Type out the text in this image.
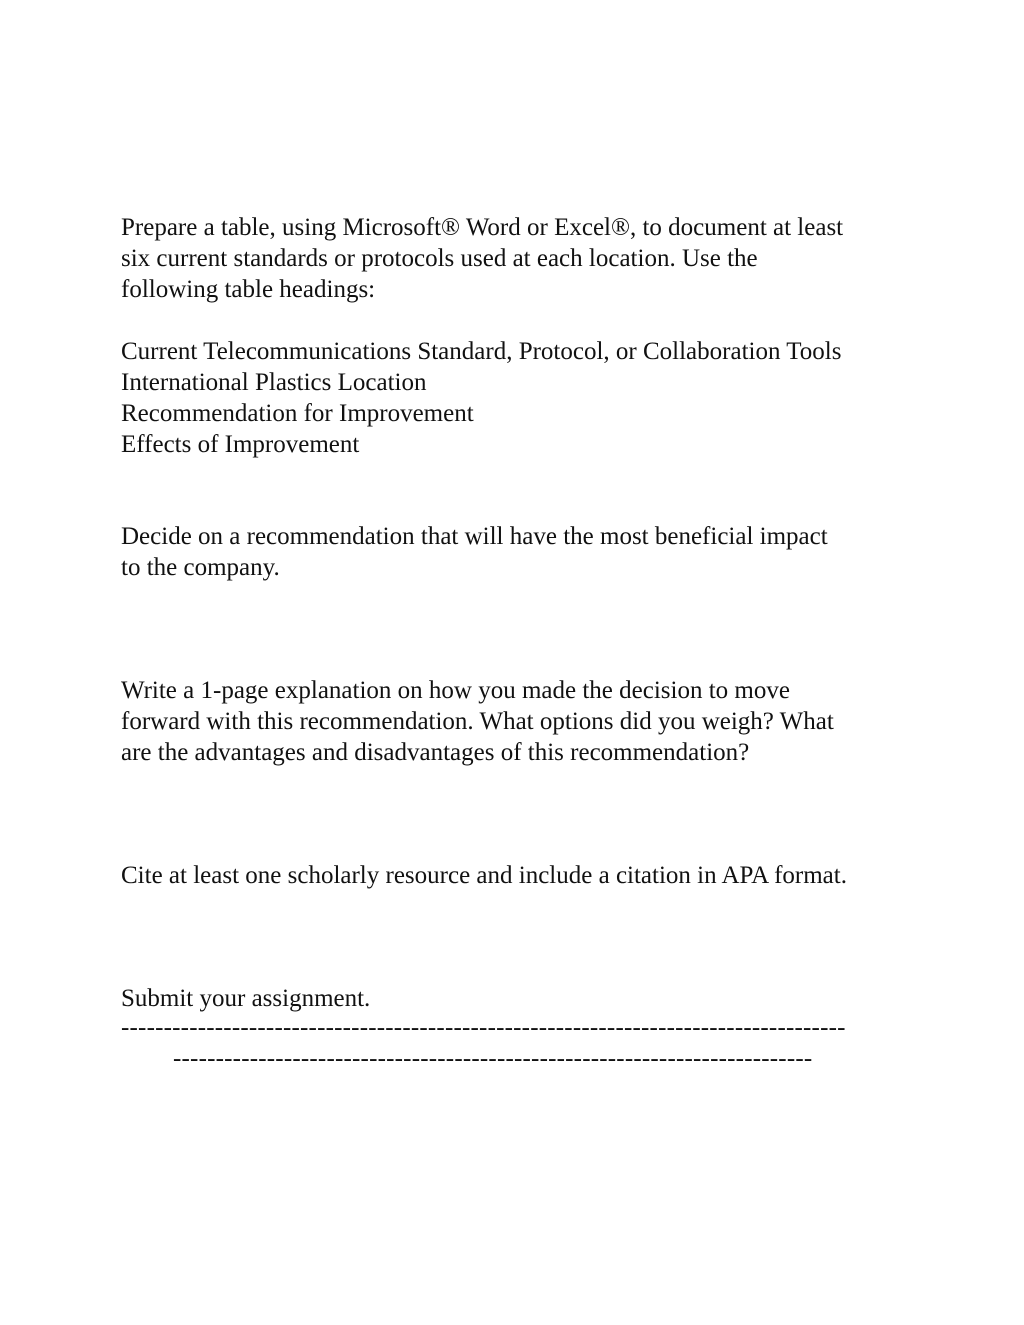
Prepare a table, using Microsoft® Word or Excel®, to document at least
six current standards or protocols used at each location. Use the
following table headings:
Current Telecommunications Standard, Protocol, or Collaboration Tools
International Plastics Location
Recommendation for Improvement
Effects of Improvement
Decide on a recommendation that will have the most beneficial impact
to the company.
Write a 1-page explanation on how you made the decision to move
forward with this recommendation. What options did you weigh? What
are the advantages and disadvantages of this recommendation?
Cite at least one scholarly resource and include a citation in APA format.
Submit your assignment.
-------------------------------------------------------------------------------------
---------------------------------------------------------------------------
